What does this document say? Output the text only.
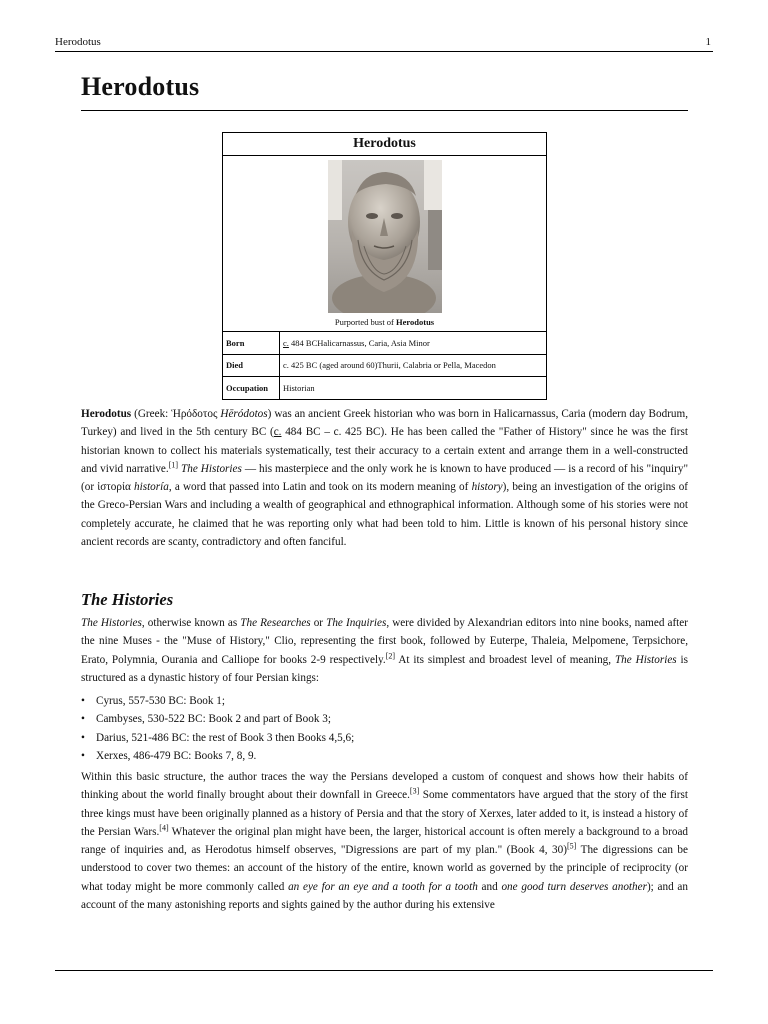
Herodotus	1
Herodotus
Herodotus
Purported bust of Herodotus
Born	c. 484 BCHalicarnassus, Caria, Asia Minor
Died	c. 425 BC (aged around 60)Thurii, Calabria or Pella, Macedon
Occupation	Historian

Herodotus (Greek: Ἡρόδοτος Hēródotos) was an ancient Greek historian who was born in Halicarnassus, Caria (modern day Bodrum, Turkey) and lived in the 5th century BC (c. 484 BC – c. 425 BC). He has been called the "Father of History" since he was the first historian known to collect his materials systematically, test their accuracy to a certain extent and arrange them in a well-constructed and vivid narrative.[1] The Histories — his masterpiece and the only work he is known to have produced — is a record of his "inquiry" (or ἱστορία historía, a word that passed into Latin and took on its modern meaning of history), being an investigation of the origins of the Greco-Persian Wars and including a wealth of geographical and ethnographical information. Although some of his stories were not completely accurate, he claimed that he was reporting only what had been told to him. Little is known of his personal history since ancient records are scanty, contradictory and often fanciful.

The Histories

The Histories, otherwise known as The Researches or The Inquiries, were divided by Alexandrian editors into nine books, named after the nine Muses - the "Muse of History," Clio, representing the first book, followed by Euterpe, Thaleia, Melpomene, Terpsichore, Erato, Polymnia, Ourania and Calliope for books 2-9 respectively.[2] At its simplest and broadest level of meaning, The Histories is structured as a dynastic history of four Persian kings:

• Cyrus, 557-530 BC: Book 1;
• Cambyses, 530-522 BC: Book 2 and part of Book 3;
• Darius, 521-486 BC: the rest of Book 3 then Books 4,5,6;
• Xerxes, 486-479 BC: Books 7, 8, 9.

Within this basic structure, the author traces the way the Persians developed a custom of conquest and shows how their habits of thinking about the world finally brought about their downfall in Greece.[3] Some commentators have argued that the story of the first three kings must have been originally planned as a history of Persia and that the story of Xerxes, later added to it, is instead a history of the Persian Wars.[4] Whatever the original plan might have been, the larger, historical account is often merely a background to a broad range of inquiries and, as Herodotus himself observes, "Digressions are part of my plan." (Book 4, 30)[5] The digressions can be understood to cover two themes: an account of the history of the entire, known world as governed by the principle of reciprocity (or what today might be more commonly called an eye for an eye and a tooth for a tooth and one good turn deserves another); and an account of the many astonishing reports and sights gained by the author during his extensive
